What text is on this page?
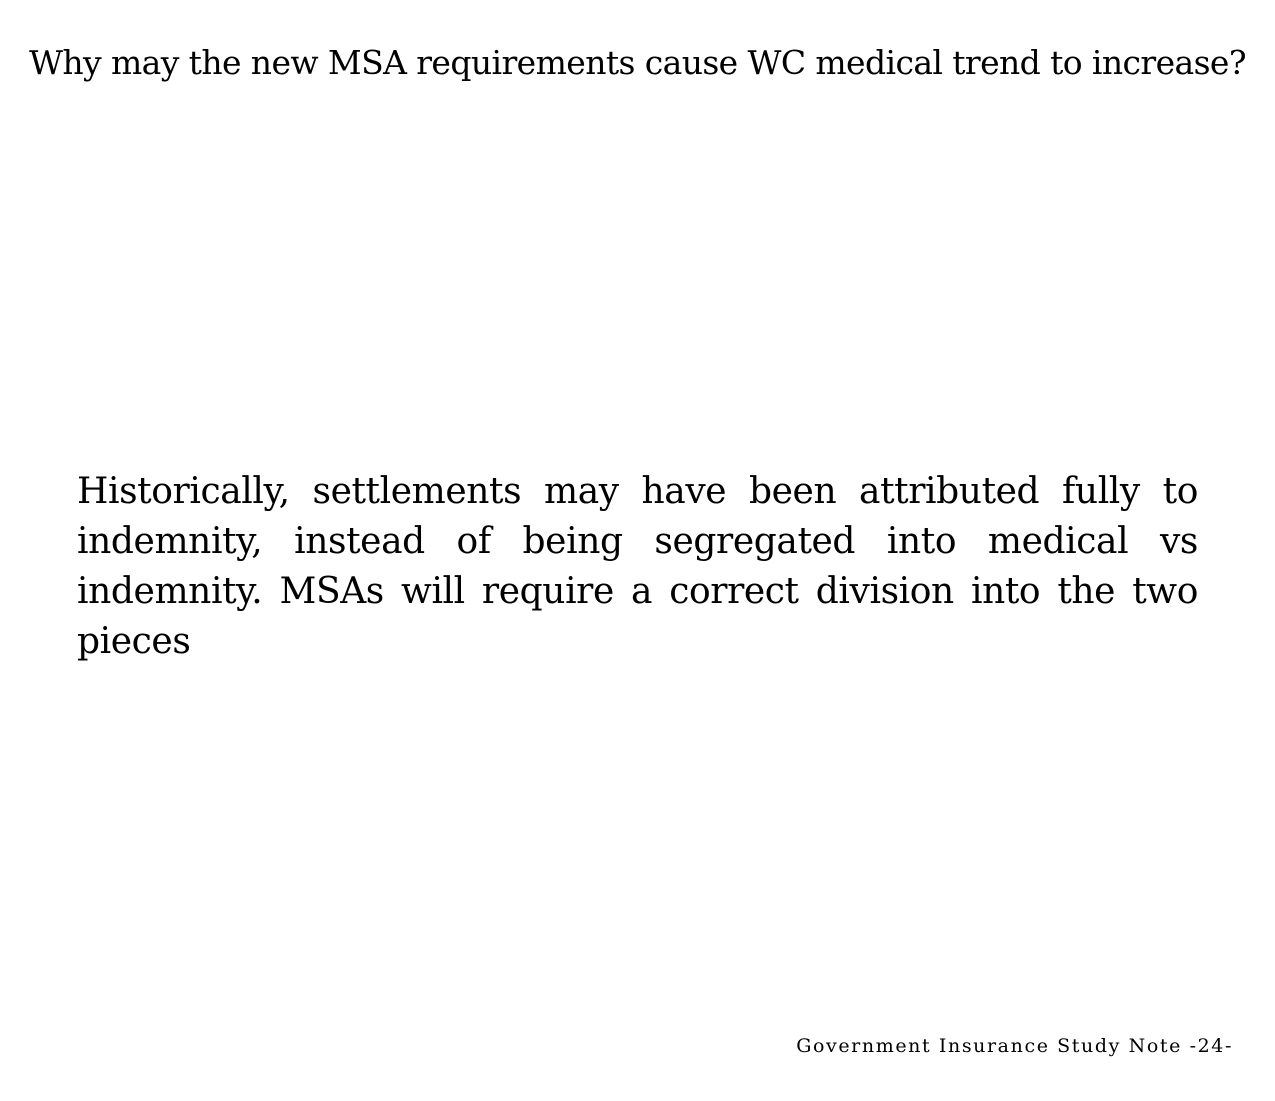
Why may the new MSA requirements cause WC medical trend to increase?
Historically, settlements may have been attributed fully to indemnity, instead of being segregated into medical vs indemnity. MSAs will require a correct division into the two pieces
Government Insurance Study Note -24-
